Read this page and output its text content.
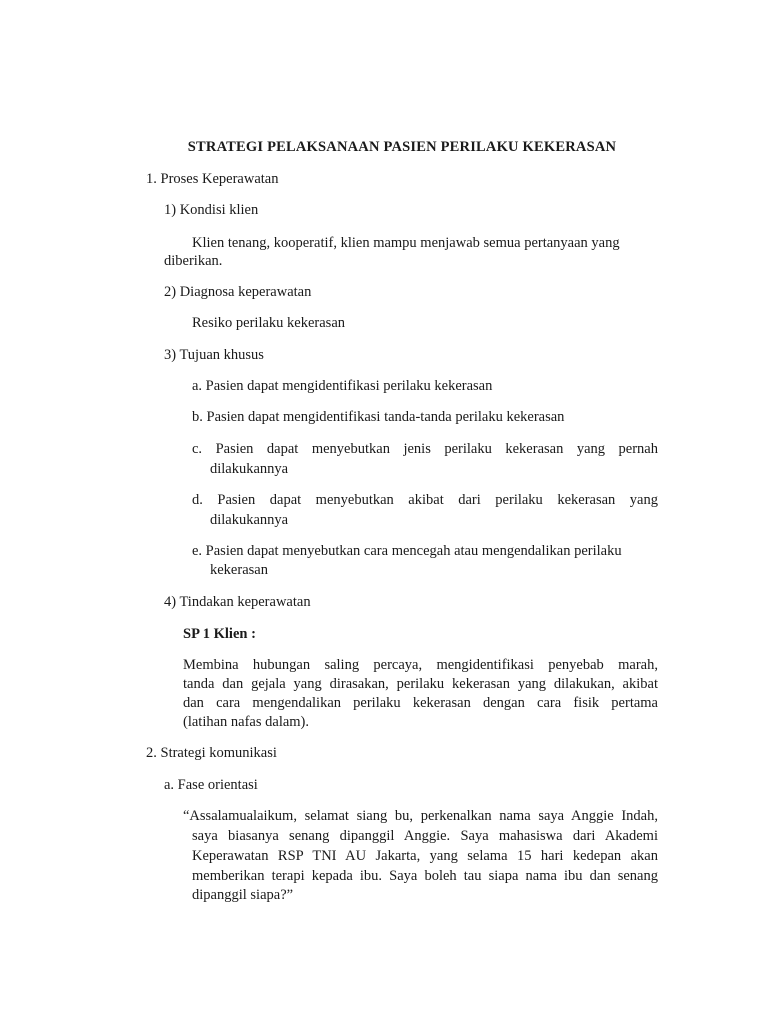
STRATEGI PELAKSANAAN PASIEN PERILAKU KEKERASAN
1. Proses Keperawatan
1) Kondisi klien
Klien tenang, kooperatif, klien mampu menjawab semua pertanyaan yang
diberikan.
2) Diagnosa keperawatan
Resiko perilaku kekerasan
3) Tujuan khusus
a. Pasien dapat mengidentifikasi perilaku kekerasan
b. Pasien dapat mengidentifikasi tanda-tanda perilaku kekerasan
c. Pasien dapat menyebutkan jenis perilaku kekerasan yang pernah
dilakukannya
d. Pasien dapat menyebutkan akibat dari perilaku kekerasan yang
dilakukannya
e. Pasien dapat menyebutkan cara mencegah atau mengendalikan perilaku
kekerasan
4) Tindakan keperawatan
SP 1 Klien :
Membina hubungan saling percaya, mengidentifikasi penyebab marah,
tanda dan gejala yang dirasakan, perilaku kekerasan yang dilakukan, akibat
dan cara mengendalikan perilaku kekerasan dengan cara fisik pertama
(latihan nafas dalam).
2. Strategi komunikasi
a. Fase orientasi
“Assalamualaikum, selamat siang bu, perkenalkan nama saya Anggie Indah,
saya biasanya senang dipanggil Anggie. Saya mahasiswa dari Akademi
Keperawatan RSP TNI AU Jakarta, yang selama 15 hari kedepan akan
memberikan terapi kepada ibu. Saya boleh tau siapa nama ibu dan senang
dipanggil siapa?”
